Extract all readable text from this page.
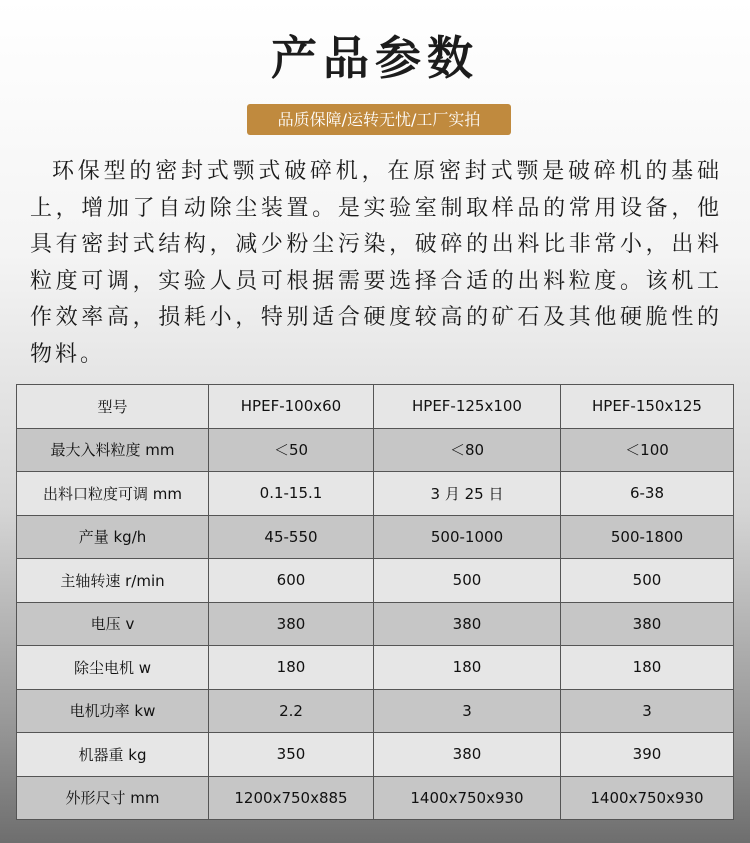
产品参数
品质保障/运转无忧/工厂实拍

环保型的密封式颚式破碎机，在原密封式颚是破碎机的基础上，增加了自动除尘装置。是实验室制取样品的常用设备，他具有密封式结构，减少粉尘污染，破碎的出料比非常小，出料粒度可调，实验人员可根据需要选择合适的出料粒度。该机工作效率高，损耗小，特别适合硬度较高的矿石及其他硬脆性的物料。

型号	HPEF-100x60	HPEF-125x100	HPEF-150x125
最大入料粒度 mm	＜50	＜80	＜100
出料口粒度可调 mm	0.1-15.1	3 月 25 日	6-38
产量 kg/h	45-550	500-1000	500-1800
主轴转速 r/min	600	500	500
电压 v	380	380	380
除尘电机 w	180	180	180
电机功率 kw	2.2	3	3
机器重 kg	350	380	390
外形尺寸 mm	1200x750x885	1400x750x930	1400x750x930
